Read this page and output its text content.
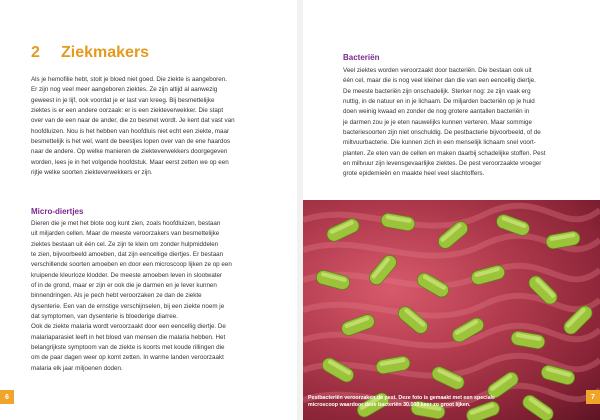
2 Ziekmakers
Als je hemofilie hebt, stolt je bloed niet goed. Die ziekte is aangeboren.
Er zijn nog veel meer aangeboren ziektes. Ze zijn altijd al aanwezig
geweest in je lijf, ook voordat je er last van kreeg. Bij besmettelijke
ziektes is er een andere oorzaak: er is een ziekteverwekker. Die stapt
over van de een naar de ander, die zo besmet wordt. Je kent dat vast van
hoofdluizen. Nou is het hebben van hoofdluis niet echt een ziekte, maar
besmettelijk is het wel, want de beestjes lopen over van de ene haardos
naar de andere. Op welke manieren de ziekteverwekkers doorgegeven
worden, lees je in het volgende hoofdstuk. Maar eerst zetten we op een
rijtje welke soorten ziekteverwekkers er zijn.
Micro-diertjes
Dieren die je met het blote oog kunt zien, zoals hoofdluizen, bestaan
uit miljarden cellen. Maar de meeste veroorzakers van besmettelijke
ziektes bestaan uit één cel. Ze zijn te klein om zonder hulpmiddelen
te zien, bijvoorbeeld amoeben, dat zijn eencellige diertjes. Er bestaan
verschillende soorten amoeben en door een microscoop lijken ze op een
kruipende kleurloze klodder. De meeste amoeben leven in slootwater
of in de grond, maar er zijn er ook die je darmen en je lever kunnen
binnendringen. Als je pech hebt veroorzaken ze dan de ziekte
dysenterie. Een van de ernstige verschijnselen, bij een ziekte noem je
dat symptomen, van dysenterie is bloederige diarree.
Ook de ziekte malaria wordt veroorzaakt door een eencellig diertje. De
malariaparasiet leeft in het bloed van mensen die malaria hebben. Het
belangrijkste symptoom van de ziekte is koorts met koude rillingen die
om de paar dagen weer op komt zetten. In warme landen veroorzaakt
malaria elk jaar miljoenen doden.
6
Bacteriën
Veel ziektes worden veroorzaakt door bacteriën. Die bestaan ook uit
één cel, maar die is nog veel kleiner dan die van een eencellig diertje.
De meeste bacteriën zijn onschadelijk. Sterker nog: ze zijn vaak erg
nuttig, in de natuur en in je lichaam. De miljarden bacteriën op je huid
doen weinig kwaad en zonder de nog grotere aantallen bacteriën in
je darmen zou je je eten nauwelijks kunnen verteren. Maar sommige
bacteriesoorten zijn niet onschuldig. De pestbacterie bijvoorbeeld, of de
miltvuurbacterie. Die kunnen zich in een menselijk lichaam snel voort-
planten. Ze eten van de cellen en maken daarbij schadelijke stoffen. Pest
en miltvuur zijn levensgevaarlijke ziektes. De pest veroorzaakte vroeger
grote epidemieën en maakte heel veel slachtoffers.
Pestbacteriën veroorzaken de pest. Deze foto is gemaakt met een speciale
microscoop waardoor deze bacteriën 30.000 keer zo groot lijken.
7
